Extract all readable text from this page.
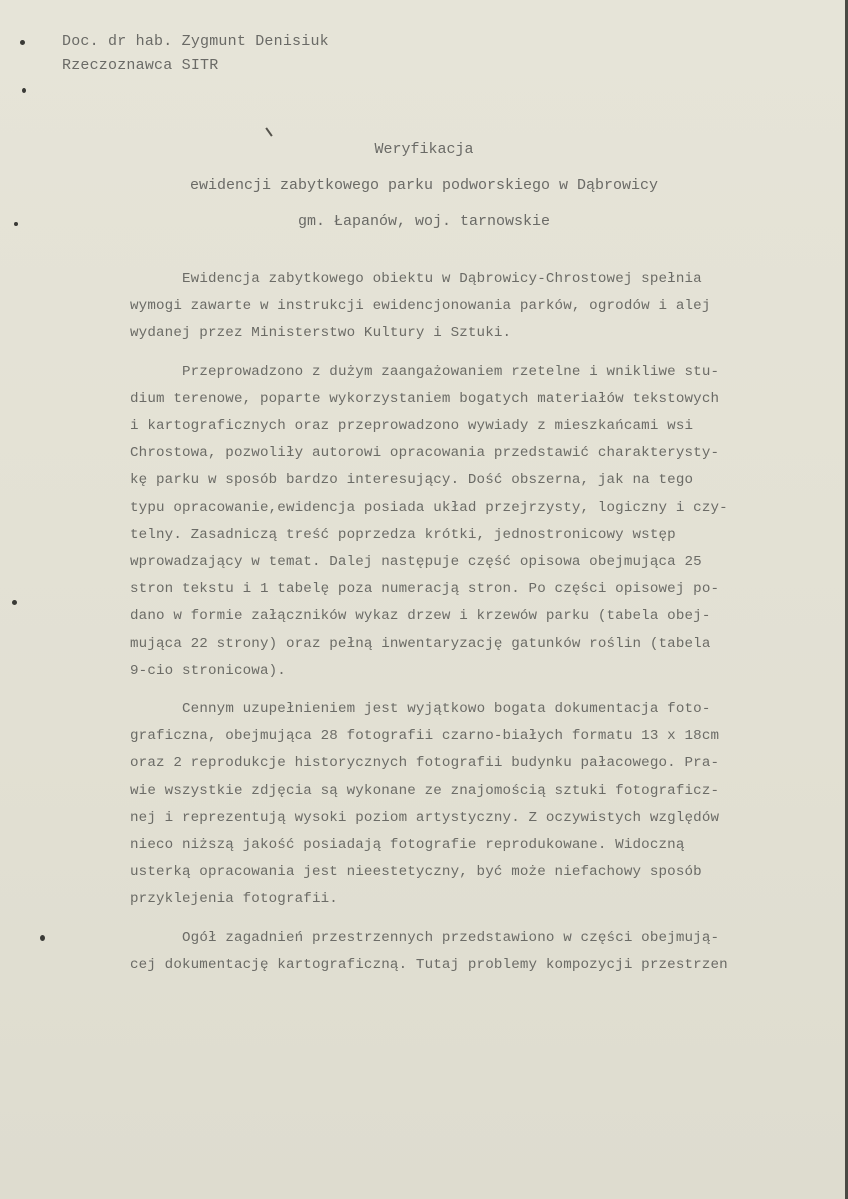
Doc. dr hab. Zygmunt Denisiuk
Rzeczoznawca SITR
Weryfikacja
ewidencji zabytkowego parku podworskiego w Dąbrowicy
gm. Łapanów, woj. tarnowskie
Ewidencja zabytkowego obiektu w Dąbrowicy-Chrostowej spełnia
wymogi zawarte w instrukcji ewidencjonowania parków, ogrodów i alej
wydanej przez Ministerstwo Kultury i Sztuki.
Przeprowadzono z dużym zaangażowaniem rzetelne i wnikliwe stu-
dium terenowe, poparte wykorzystaniem bogatych materiałów tekstowych
i kartograficznych oraz przeprowadzono wywiady z mieszkańcami wsi
Chrostowa, pozwoliły autorowi opracowania przedstawić charakterysty-
kę parku w sposób bardzo interesujący. Dość obszerna, jak na tego
typu opracowanie,ewidencja posiada układ przejrzysty, logiczny i czy-
telny. Zasadniczą treść poprzedza krótki, jednostronicowy wstęp
wprowadzający w temat. Dalej następuje część opisowa obejmująca 25
stron tekstu i 1 tabelę poza numeracją stron. Po części opisowej po-
dano w formie załączników wykaz drzew i krzewów parku (tabela obej-
mująca 22 strony) oraz pełną inwentaryzację gatunków roślin (tabela
9-cio stronicowa).
Cennym uzupełnieniem jest wyjątkowo bogata dokumentacja foto-
graficzna, obejmująca 28 fotografii czarno-białych formatu 13 x 18cm
oraz 2 reprodukcje historycznych fotografii budynku pałacowego. Pra-
wie wszystkie zdjęcia są wykonane ze znajomością sztuki fotograficz-
nej i reprezentują wysoki poziom artystyczny. Z oczywistych względów
nieco niższą jakość posiadają fotografie reprodukowane. Widoczną
usterką opracowania jest nieestetyczny, być może niefachowy sposób
przyklejenia fotografii.
Ogół zagadnień przestrzennych przedstawiono w części obejmują-
cej dokumentację kartograficzną. Tutaj problemy kompozycji przestrzen
